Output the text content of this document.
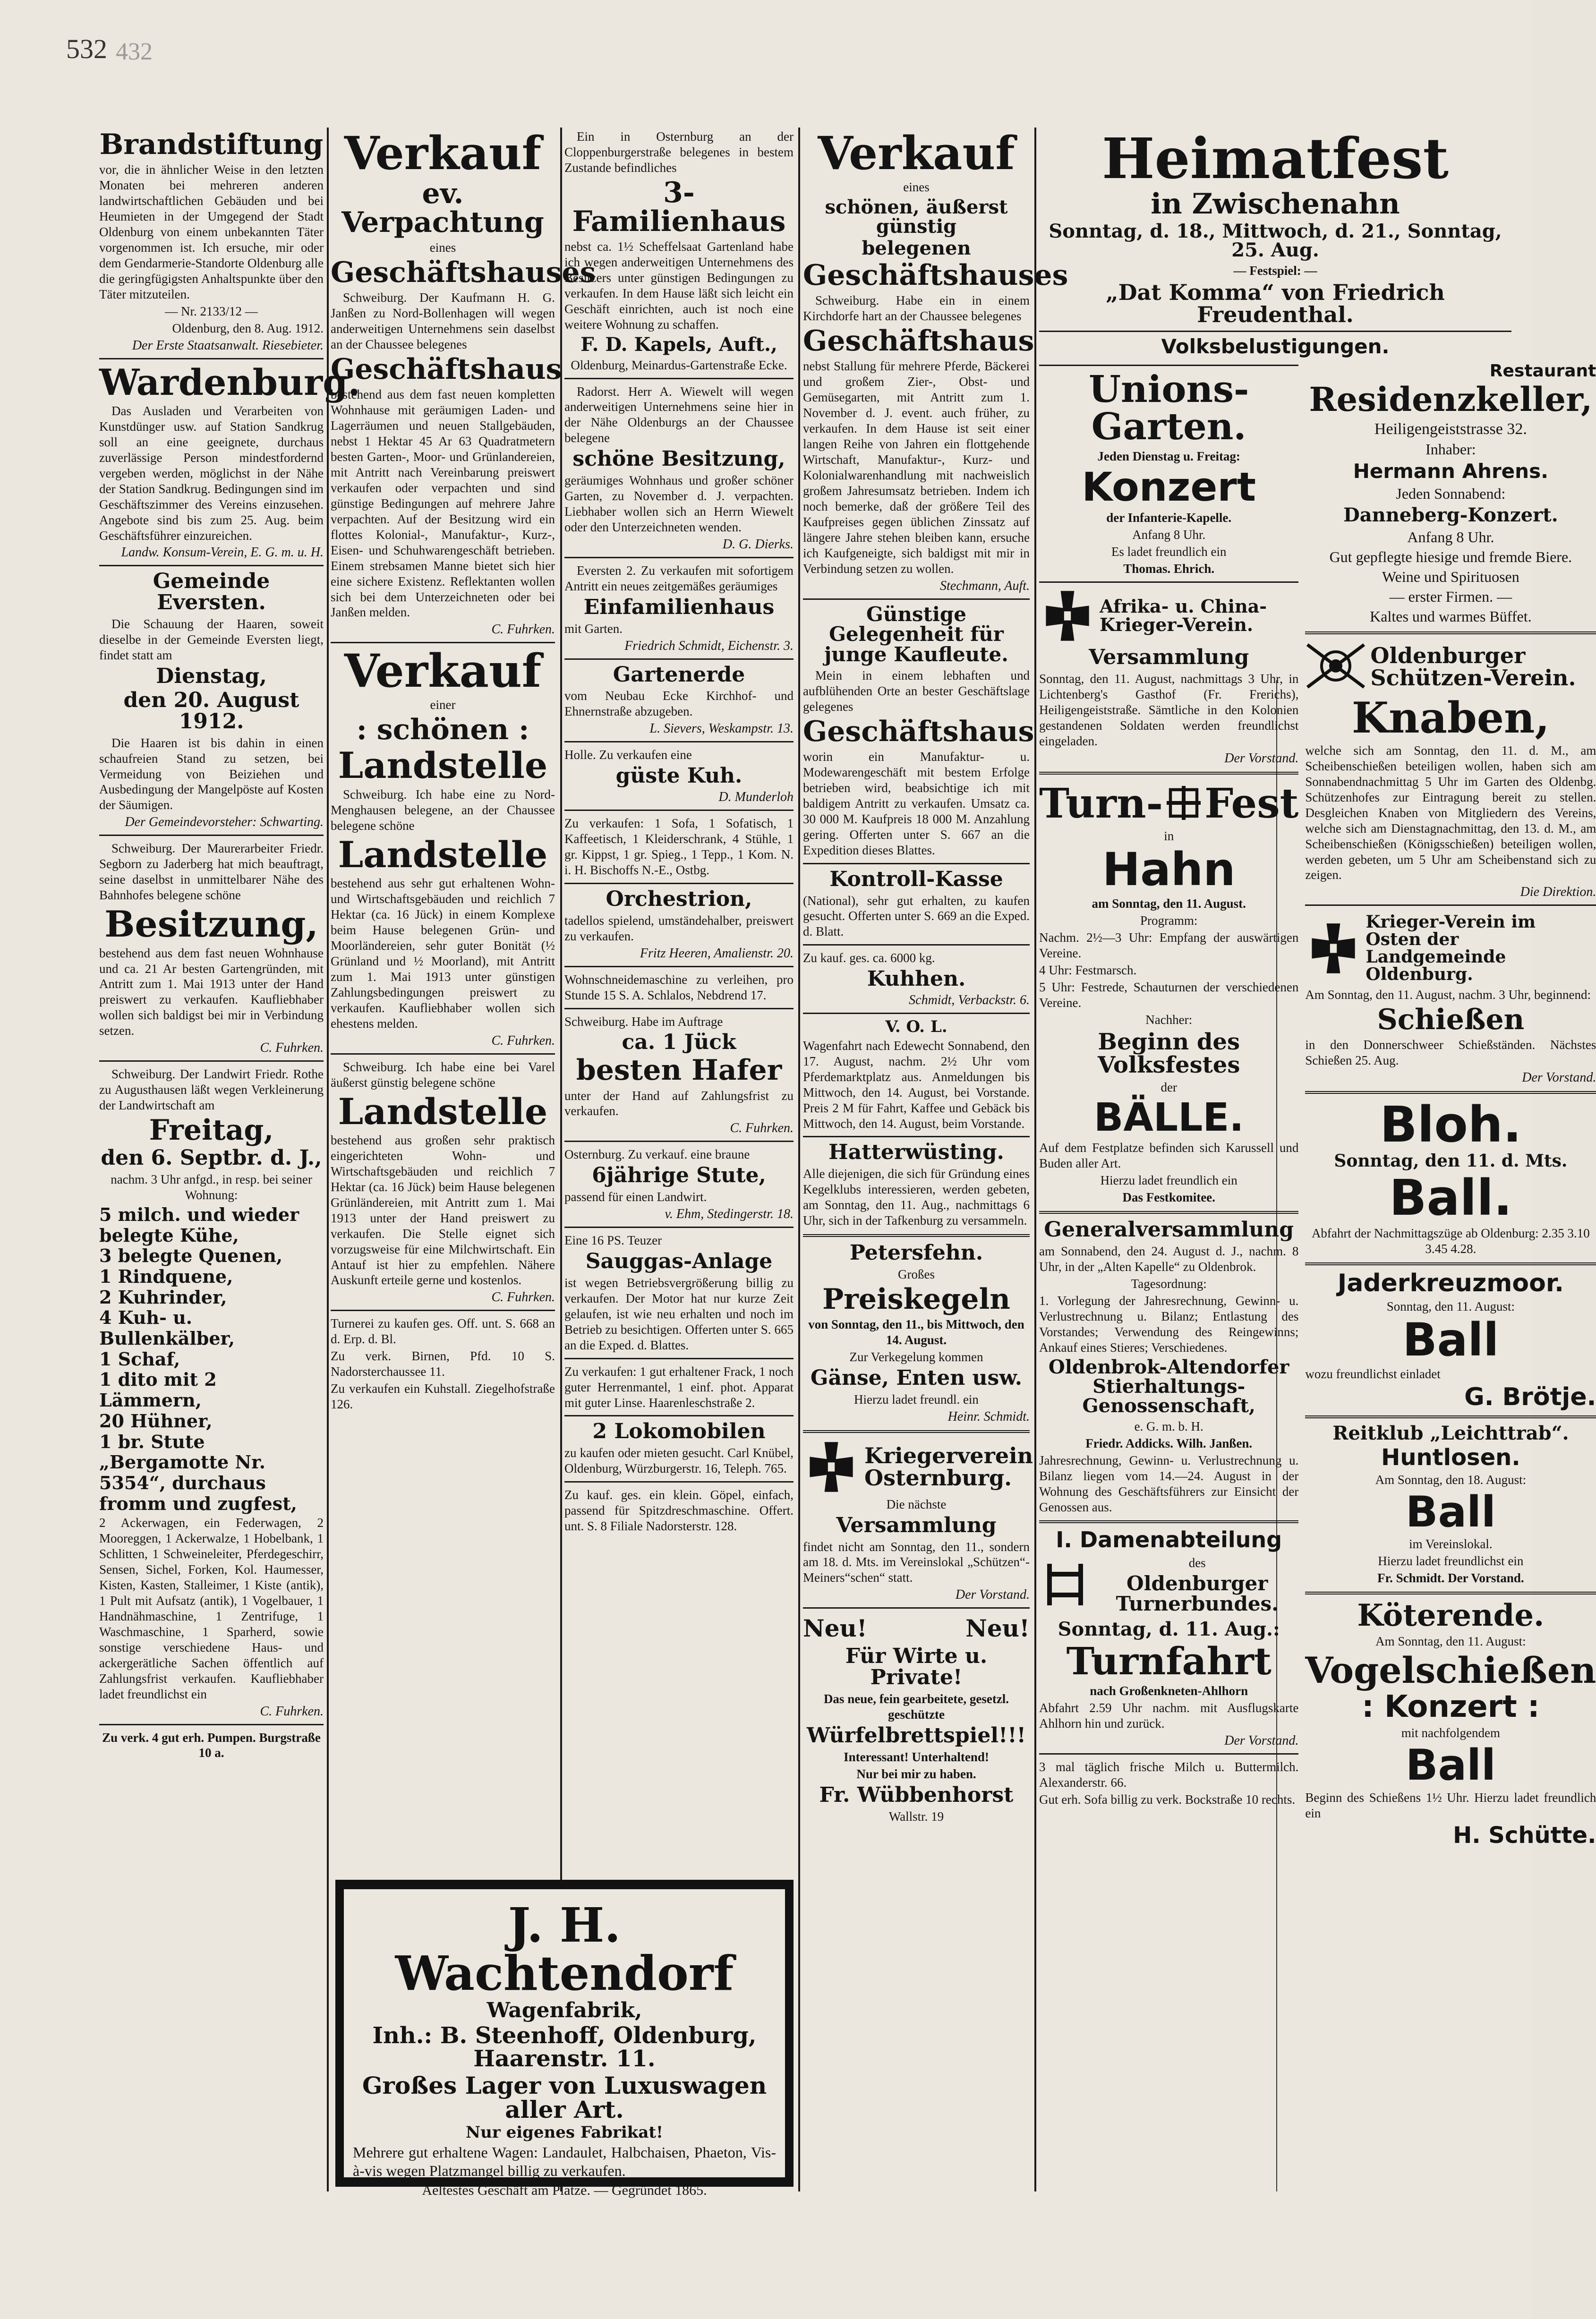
532 432
Brandstiftung
vor, die in ähnlicher Weise in den letzten Monaten bei mehreren anderen landwirtschaftlichen Gebäuden und bei Heumieten in der Umgegend der Stadt Oldenburg von einem unbekannten Täter vorgenommen ist. Ich ersuche, mir oder dem Gendarmerie-Standorte Oldenburg alle die geringfügigsten Anhaltspunkte über den Täter mitzuteilen.
— Nr. 2133/12 —
Oldenburg, den 8. Aug. 1912.
Der Erste Staatsanwalt. Riesebieter.
Wardenburg.
Das Ausladen und Verarbeiten von Kunstdünger usw. auf Station Sandkrug soll an eine geeignete, durchaus zuverlässige Person mindestfordernd vergeben werden, möglichst in der Nähe der Station Sandkrug. Bedingungen sind im Geschäftszimmer des Vereins einzusehen. Angebote sind bis zum 25. Aug. beim Geschäftsführer einzureichen.
Landw. Konsum-Verein, E. G. m. u. H.
Gemeinde Eversten.
Die Schauung der Haaren, soweit dieselbe in der Gemeinde Eversten liegt, findet statt am
Dienstag,
den 20. August 1912.
Die Haaren ist bis dahin in einen schaufreien Stand zu setzen, bei Vermeidung von Beiziehen und Ausbedingung der Mangelpöste auf Kosten der Säumigen.
Der Gemeindevorsteher: Schwarting.
Schweiburg. Der Maurerarbeiter Friedr. Segborn zu Jaderberg hat mich beauftragt, seine daselbst in unmittelbarer Nähe des Bahnhofes belegene schöne
Besitzung,
bestehend aus dem fast neuen Wohnhause und ca. 21 Ar besten Gartengründen, mit Antritt zum 1. Mai 1913 unter der Hand preiswert zu verkaufen. Kaufliebhaber wollen sich baldigst bei mir in Verbindung setzen.
C. Fuhrken.
Schweiburg. Der Landwirt Friedr. Rothe zu Augusthausen läßt wegen Verkleinerung der Landwirtschaft am
Freitag,
den 6. Septbr. d. J.,
nachm. 3 Uhr anfgd., in resp. bei seiner Wohnung:
5 milch. und wieder belegte Kühe,
3 belegte Quenen,
1 Rindquene,
2 Kuhrinder,
4 Kuh- u. Bullenkälber,
1 Schaf,
1 dito mit 2 Lämmern,
20 Hühner,
1 br. Stute „Bergamotte Nr. 5354“, durchaus fromm und zugfest,
2 Ackerwagen, ein Federwagen, 2 Mooreggen, 1 Ackerwalze, 1 Hobelbank, 1 Schlitten, 1 Schweineleiter, Pferdegeschirr, Sensen, Sichel, Forken, Kol. Haumesser, Kisten, Kasten, Stalleimer, 1 Kiste (antik), 1 Pult mit Aufsatz (antik), 1 Vogelbauer, 1 Handnähmaschine, 1 Zentrifuge, 1 Waschmaschine, 1 Sparherd, sowie sonstige verschiedene Haus- und ackergerätliche Sachen öffentlich auf Zahlungsfrist verkaufen. Kaufliebhaber ladet freundlichst ein
C. Fuhrken.
Zu verk. 4 gut erh. Pumpen. Burgstraße 10 a.
Verkauf
ev. Verpachtung
eines
Geschäftshauses
Schweiburg. Der Kaufmann H. G. Janßen zu Nord-Bollenhagen will wegen anderweitigen Unternehmens sein daselbst an der Chaussee belegenes
Geschäftshaus
bestehend aus dem fast neuen kompletten Wohnhause mit geräumigen Laden- und Lagerräumen und neuen Stallgebäuden, nebst 1 Hektar 45 Ar 63 Quadratmetern besten Garten-, Moor- und Grünlandereien, mit Antritt nach Vereinbarung preiswert verkaufen oder verpachten und sind günstige Bedingungen auf mehrere Jahre verpachten. Auf der Besitzung wird ein flottes Kolonial-, Manufaktur-, Kurz-, Eisen- und Schuhwarengeschäft betrieben. Einem strebsamen Manne bietet sich hier eine sichere Existenz. Reflektanten wollen sich bei dem Unterzeichneten oder bei Janßen melden.
C. Fuhrken.
Verkauf
einer
: schönen :
Landstelle
Schweiburg. Ich habe eine zu Nord-Menghausen belegene, an der Chaussee belegene schöne
Landstelle
bestehend aus sehr gut erhaltenen Wohn- und Wirtschaftsgebäuden und reichlich 7 Hektar (ca. 16 Jück) in einem Komplexe beim Hause belegenen Grün- und Moorländereien, sehr guter Bonität (½ Grünland und ½ Moorland), mit Antritt zum 1. Mai 1913 unter günstigen Zahlungsbedingungen preiswert zu verkaufen. Kaufliebhaber wollen sich ehestens melden.
C. Fuhrken.
Schweiburg. Ich habe eine bei Varel äußerst günstig belegene schöne
Landstelle
bestehend aus großen sehr praktisch eingerichteten Wohn- und Wirtschaftsgebäuden und reichlich 7 Hektar (ca. 16 Jück) beim Hause belegenen Grünländereien, mit Antritt zum 1. Mai 1913 unter der Hand preiswert zu verkaufen. Die Stelle eignet sich vorzugsweise für eine Milchwirtschaft. Ein Antauf ist hier zu empfehlen. Nähere Auskunft erteile gerne und kostenlos.
C. Fuhrken.
Turnerei zu kaufen ges. Off. unt. S. 668 an d. Erp. d. Bl.
Zu verk. Birnen, Pfd. 10 S. Nadorsterchaussee 11.
Zu verkaufen ein Kuhstall. Ziegelhofstraße 126.
Ein in Osternburg an der Cloppenburgerstraße belegenes in bestem Zustande befindliches
3-Familienhaus
nebst ca. 1½ Scheffelsaat Gartenland habe ich wegen anderweitigen Unternehmens des Besitzers unter günstigen Bedingungen zu verkaufen. In dem Hause läßt sich leicht ein Geschäft einrichten, auch ist noch eine weitere Wohnung zu schaffen.
F. D. Kapels, Auft.,
Oldenburg, Meinardus-Gartenstraße Ecke.
Radorst. Herr A. Wiewelt will wegen anderweitigen Unternehmens seine hier in der Nähe Oldenburgs an der Chaussee belegene
schöne Besitzung,
geräumiges Wohnhaus und großer schöner Garten, zu November d. J. verpachten. Liebhaber wollen sich an Herrn Wiewelt oder den Unterzeichneten wenden.
D. G. Dierks.
Eversten 2. Zu verkaufen mit sofortigem Antritt ein neues zeitgemäßes geräumiges
Einfamilienhaus
mit Garten.
Friedrich Schmidt, Eichenstr. 3.
Gartenerde
vom Neubau Ecke Kirchhof- und Ehnernstraße abzugeben.
L. Sievers, Weskampstr. 13.
Holle. Zu verkaufen eine
güste Kuh.
D. Munderloh
Zu verkaufen: 1 Sofa, 1 Sofatisch, 1 Kaffeetisch, 1 Kleiderschrank, 4 Stühle, 1 gr. Kippst, 1 gr. Spieg., 1 Tepp., 1 Kom. N. i. H. Bischoffs N.-E., Ostbg.
Orchestrion,
tadellos spielend, umständehalber, preiswert zu verkaufen.
Fritz Heeren, Amalienstr. 20.
Wohnschneidemaschine zu verleihen, pro Stunde 15 S. A. Schlalos, Nebdrend 17.
Schweiburg. Habe im Auftrage
ca. 1 Jück
besten Hafer
unter der Hand auf Zahlungsfrist zu verkaufen.
C. Fuhrken.
Osternburg. Zu verkauf. eine braune
6jährige Stute,
passend für einen Landwirt.
v. Ehm, Stedingerstr. 18.
Eine 16 PS. Teuzer
Sauggas-Anlage
ist wegen Betriebsvergrößerung billig zu verkaufen. Der Motor hat nur kurze Zeit gelaufen, ist wie neu erhalten und noch im Betrieb zu besichtigen. Offerten unter S. 665 an die Exped. d. Blattes.
Zu verkaufen: 1 gut erhaltener Frack, 1 noch guter Herrenmantel, 1 einf. phot. Apparat mit guter Linse. Haarenleschstraße 2.
2 Lokomobilen
zu kaufen oder mieten gesucht. Carl Knübel, Oldenburg, Würzburgerstr. 16, Teleph. 765.
Zu kauf. ges. ein klein. Göpel, einfach, passend für Spitzdreschmaschine. Offert. unt. S. 8 Filiale Nadorsterstr. 128.
J. H. Wachtendorf
Wagenfabrik,
Inh.: B. Steenhoff, Oldenburg, Haarenstr. 11.
Großes Lager von Luxuswagen aller Art.
Nur eigenes Fabrikat!
Mehrere gut erhaltene Wagen: Landaulet, Halbchaisen, Phaeton, Vis-à-vis wegen Platzmangel billig zu verkaufen.
Aeltestes Geschäft am Platze. — Gegründet 1865.
Verkauf
eines
schönen, äußerst günstig
belegenen
Geschäftshauses
Schweiburg. Habe ein in einem Kirchdorfe hart an der Chaussee belegenes
Geschäftshaus
nebst Stallung für mehrere Pferde, Bäckerei und großem Zier-, Obst- und Gemüsegarten, mit Antritt zum 1. November d. J. event. auch früher, zu verkaufen. In dem Hause ist seit einer langen Reihe von Jahren ein flottgehende Wirtschaft, Manufaktur-, Kurz- und Kolonialwarenhandlung mit nachweislich großem Jahresumsatz betrieben. Indem ich noch bemerke, daß der größere Teil des Kaufpreises gegen üblichen Zinssatz auf längere Jahre stehen bleiben kann, ersuche ich Kaufgeneigte, sich baldigst mit mir in Verbindung setzen zu wollen.
Stechmann, Auft.
Günstige Gelegenheit für junge Kaufleute.
Mein in einem lebhaften und aufblühenden Orte an bester Geschäftslage gelegenes
Geschäftshaus
worin ein Manufaktur- u. Modewarengeschäft mit bestem Erfolge betrieben wird, beabsichtige ich mit baldigem Antritt zu verkaufen. Umsatz ca. 30 000 M. Kaufpreis 18 000 M. Anzahlung gering. Offerten unter S. 667 an die Expedition dieses Blattes.
Kontroll-Kasse
(National), sehr gut erhalten, zu kaufen gesucht. Offerten unter S. 669 an die Exped. d. Blatt.
Zu kauf. ges. ca. 6000 kg.
Kuhhen.
Schmidt, Verbackstr. 6.
V. O. L.
Wagenfahrt nach Edewecht Sonnabend, den 17. August, nachm. 2½ Uhr vom Pferdemarktplatz aus. Anmeldungen bis Mittwoch, den 14. August, bei Vorstande. Preis 2 M für Fahrt, Kaffee und Gebäck bis Mittwoch, den 14. August, beim Vorstande.
Hatterwüsting.
Alle diejenigen, die sich für Gründung eines Kegelklubs interessieren, werden gebeten, am Sonntag, den 11. Aug., nachmittags 6 Uhr, sich in der Tafkenburg zu versammeln.
Petersfehn.
Großes
Preiskegeln
von Sonntag, den 11., bis Mittwoch, den 14. August.
Zur Verkegelung kommen
Gänse, Enten usw.
Hierzu ladet freundl. ein
Heinr. Schmidt.
Kriegerverein Osternburg.
Die nächste
Versammlung
findet nicht am Sonntag, den 11., sondern am 18. d. Mts. im Vereinslokal „Schützen“-Meiners“schen“ statt.
Der Vorstand.
Neu!	Neu!
Für Wirte u. Private!
Das neue, fein gearbeitete, gesetzl. geschützte
Würfelbrettspiel!!!
Interessant! Unterhaltend!
Nur bei mir zu haben.
Fr. Wübbenhorst
Wallstr. 19
Heimatfest
in Zwischenahn
Sonntag, d. 18., Mittwoch, d. 21., Sonntag, 25. Aug.
— Festspiel: —
„Dat Komma“ von Friedrich Freudenthal.
Volksbelustigungen.
Unions-Garten.
Jeden Dienstag u. Freitag:
Konzert
der Infanterie-Kapelle.
Anfang 8 Uhr.
Es ladet freundlich ein
Thomas. Ehrich.
Afrika- u. China-Krieger-Verein.
Versammlung
Sonntag, den 11. August, nachmittags 3 Uhr, in Lichtenberg's Gasthof (Fr. Frerichs), Heiligengeiststraße. Sämtliche in den Kolonien gestandenen Soldaten werden freundlichst eingeladen.
Der Vorstand.
Turn- Fest
in
Hahn
am Sonntag, den 11. August.
Programm:
Nachm. 2½—3 Uhr: Empfang der auswärtigen Vereine.
4 Uhr: Festmarsch.
5 Uhr: Festrede, Schauturnen der verschiedenen Vereine.
Nachher:
Beginn des Volksfestes
der
BÄLLE.
Auf dem Festplatze befinden sich Karussell und Buden aller Art.
Hierzu ladet freundlich ein
Das Festkomitee.
Generalversammlung
am Sonnabend, den 24. August d. J., nachm. 8 Uhr, in der „Alten Kapelle“ zu Oldenbrok.
Tagesordnung:
1. Vorlegung der Jahresrechnung, Gewinn- u. Verlustrechnung u. Bilanz; Entlastung des Vorstandes; Verwendung des Reingewinns; Ankauf eines Stieres; Verschiedenes.
Oldenbrok-Altendorfer Stierhaltungs-Genossenschaft,
e. G. m. b. H.
Friedr. Addicks. Wilh. Janßen.
Jahresrechnung, Gewinn- u. Verlustrechnung u. Bilanz liegen vom 14.—24. August in der Wohnung des Geschäftsführers zur Einsicht der Genossen aus.
I. Damenabteilung
des
Oldenburger Turnerbundes.
Sonntag, d. 11. Aug.:
Turnfahrt
nach Großenkneten-Ahlhorn
Abfahrt 2.59 Uhr nachm. mit Ausflugskarte Ahlhorn hin und zurück.
Der Vorstand.
3 mal täglich frische Milch u. Buttermilch. Alexanderstr. 66.
Gut erh. Sofa billig zu verk. Bockstraße 10 rechts.
Restaurant
Residenzkeller,
Heiligengeiststrasse 32.
Inhaber:
Hermann Ahrens.
Jeden Sonnabend:
Danneberg-Konzert.
Anfang 8 Uhr.
Gut gepflegte hiesige und fremde Biere.
Weine und Spirituosen
— erster Firmen. —
Kaltes und warmes Büffet.
Oldenburger Schützen-Verein.
Knaben,
welche sich am Sonntag, den 11. d. M., am Scheibenschießen beteiligen wollen, haben sich am Sonnabendnachmittag 5 Uhr im Garten des Oldenbg. Schützenhofes zur Eintragung bereit zu stellen. Desgleichen Knaben von Mitgliedern des Vereins, welche sich am Dienstagnachmittag, den 13. d. M., am Scheibenschießen (Königsschießen) beteiligen wollen, werden gebeten, um 5 Uhr am Scheibenstand sich zu zeigen.
Die Direktion.
Krieger-Verein im Osten der Landgemeinde Oldenburg.
Am Sonntag, den 11. August, nachm. 3 Uhr, beginnend:
Schießen
in den Donnerschweer Schießständen. Nächstes Schießen 25. Aug.
Der Vorstand.
Bloh.
Sonntag, den 11. d. Mts.
Ball.
Abfahrt der Nachmittagszüge ab Oldenburg: 2.35 3.10 3.45 4.28.
Jaderkreuzmoor.
Sonntag, den 11. August:
Ball
wozu freundlichst einladet
G. Brötje.
Reitklub „Leichttrab“.
Huntlosen.
Am Sonntag, den 18. August:
Ball
im Vereinslokal.
Hierzu ladet freundlichst ein
Fr. Schmidt. Der Vorstand.
Köterende.
Am Sonntag, den 11. August:
Vogelschießen
: Konzert :
mit nachfolgendem
Ball
Beginn des Schießens 1½ Uhr. Hierzu ladet freundlich ein
H. Schütte.
